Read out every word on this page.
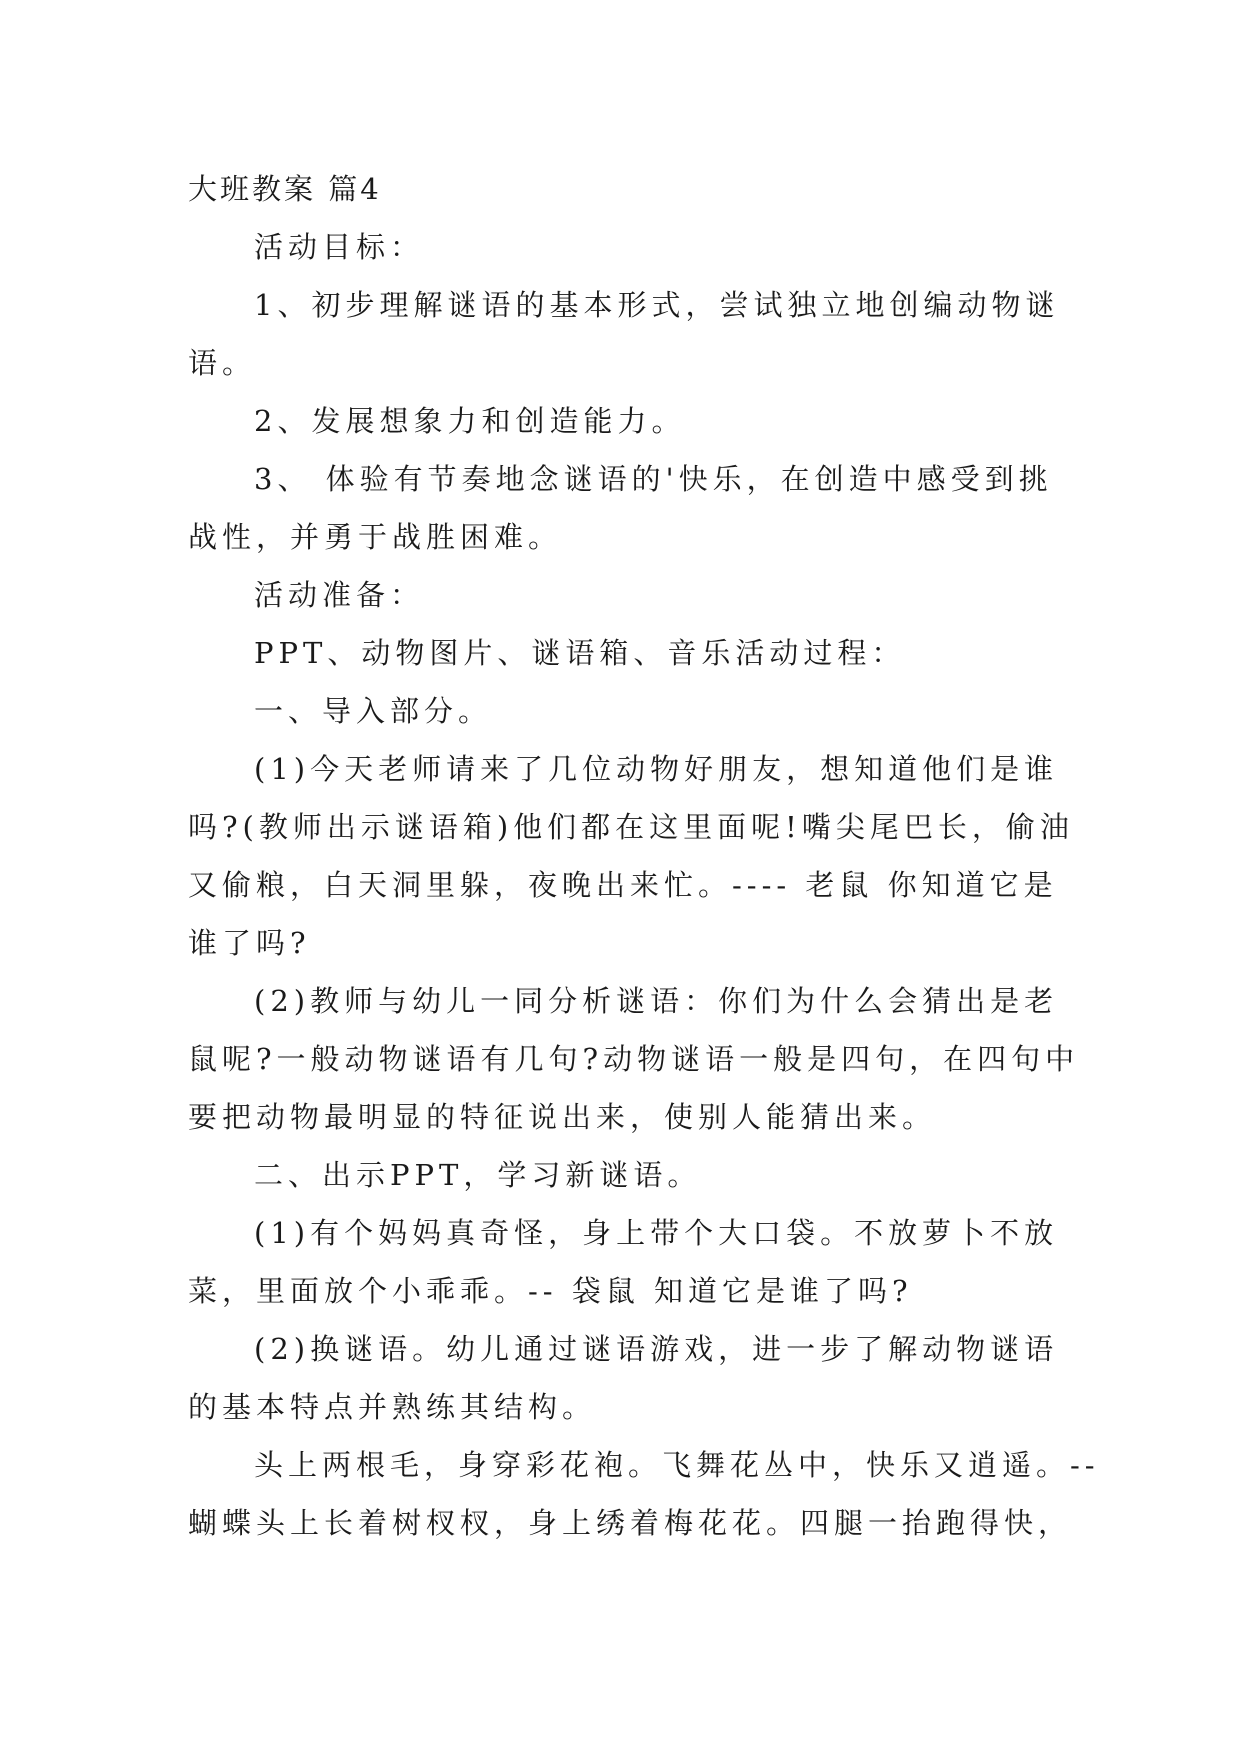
大班教案 篇4
活动目标：
1、初步理解谜语的基本形式，尝试独立地创编动物谜
语。
2、发展想象力和创造能力。
3、 体验有节奏地念谜语的'快乐，在创造中感受到挑
战性，并勇于战胜困难。
活动准备：
PPT、动物图片、谜语箱、音乐活动过程：
一、导入部分。
(1)今天老师请来了几位动物好朋友，想知道他们是谁
吗?(教师出示谜语箱)他们都在这里面呢!嘴尖尾巴长，偷油
又偷粮，白天洞里躲，夜晚出来忙。---- 老鼠 你知道它是
谁了吗?
(2)教师与幼儿一同分析谜语：你们为什么会猜出是老
鼠呢?一般动物谜语有几句?动物谜语一般是四句，在四句中
要把动物最明显的特征说出来，使别人能猜出来。
二、出示PPT，学习新谜语。
(1)有个妈妈真奇怪，身上带个大口袋。不放萝卜不放
菜，里面放个小乖乖。-- 袋鼠 知道它是谁了吗?
(2)换谜语。幼儿通过谜语游戏，进一步了解动物谜语
的基本特点并熟练其结构。
头上两根毛，身穿彩花袍。飞舞花丛中，快乐又逍遥。--
蝴蝶头上长着树杈杈，身上绣着梅花花。四腿一抬跑得快，
